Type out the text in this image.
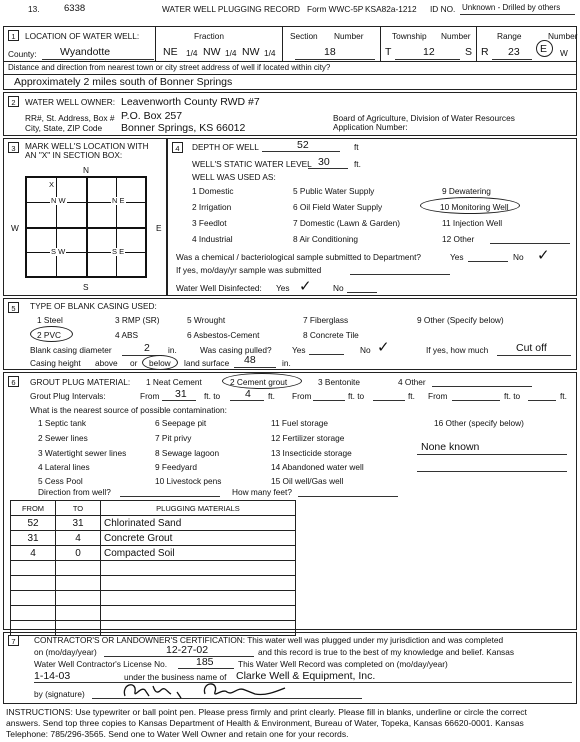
13.	6338	WATER WELL PLUGGING RECORD Form WWC-5P KSA82a-1212 ID NO. Unknown - Drilled by others
1	LOCATION OF WATER WELL:	Fraction	Section Number	Township Number	Range	Number
County: Wyandotte	NE 1/4 NW 1/4 NW 1/4	18	T	12	S R 23 E W
Distance and direction from nearest town or city street address of well if located within city?
Approximately 2 miles south of Bonner Springs
2	WATER WELL OWNER: Leavenworth County RWD #7
RR#, St. Address, Box #
City, State, ZIP Code
P.O. Box 257
Bonner Springs, KS 66012
Board of Agriculture, Division of Water Resources
Application Number:
3	MARK WELL'S LOCATION WITH
AN "X" IN SECTION BOX:
N
S
W	E
X
N W	N E
S W	S E
4	DEPTH OF WELL	52	ft
WELL'S STATIC WATER LEVEL 30	ft.
WELL WAS USED AS:
1 Domestic	5 Public Water Supply	9 Dewatering
2 Irrigation	6 Oil Field Water Supply	10 Monitoring Well
3 Feedlot	7 Domestic (Lawn & Garden)	11 Injection Well
4 Industrial	8 Air Conditioning	12 Other
Was a chemical / bacteriological sample submitted to Department?	Yes	No ✓
If yes, mo/day/yr sample was submitted
Water Well Disinfected: Yes ✓	No
5	TYPE OF BLANK CASING USED:
1 Steel	3 RMP (SR)	5 Wrought	7 Fiberglass	9 Other (Specify below)
2 PVC	4 ABS	6 Asbestos-Cement	8 Concrete Tile
Blank casing diameter	2 in.	Was casing pulled? Yes	No ✓	If yes, how much	Cut off
Casing height above or below land surface 48	in.
6	GROUT PLUG MATERIAL: 1 Neat Cement	2 Cement grout	3 Bentonite	4 Other
Grout Plug Intervals:	From 31 ft. to 4 ft. From	ft. to	ft. From	ft. to	ft.
What is the nearest source of possible contamination:
1 Septic tank	6 Seepage pit	11 Fuel storage	16 Other (specify below)
2 Sewer lines	7 Pit privy	12 Fertilizer storage
3 Watertight sewer lines	8 Sewage lagoon	13 Insecticide storage	None known
4 Lateral lines	9 Feedyard	14 Abandoned water well
5 Cess Pool	10 Livestock pens	15 Oil well/Gas well
Direction from well?	How many feet?
FROM	TO	PLUGGING MATERIALS
52	31	Chlorinated Sand
31	4	Concrete Grout
4	0	Compacted Soil

7	CONTRACTOR'S OR LANDOWNER'S CERTIFICATION: This water well was plugged under my jurisdiction and was completed
on (mo/day/year)	12-27-02	and this record is true to the best of my knowledge and belief. Kansas
Water Well Contractor's License No.	185	This Water Well Record was completed on (mo/day/year)
1-14-03	under the business name of Clarke Well & Equipment, Inc.
by (signature)
INSTRUCTIONS: Use typewriter or ball point pen. Please press firmly and print clearly. Please fill in blanks, underline or circle the correct
answers. Send top three copies to Kansas Department of Health & Environment, Bureau of Water, Topeka, Kansas 66620-0001. Kansas
Telephone: 785/296-3565. Send one to Water Well Owner and retain one for your records.
